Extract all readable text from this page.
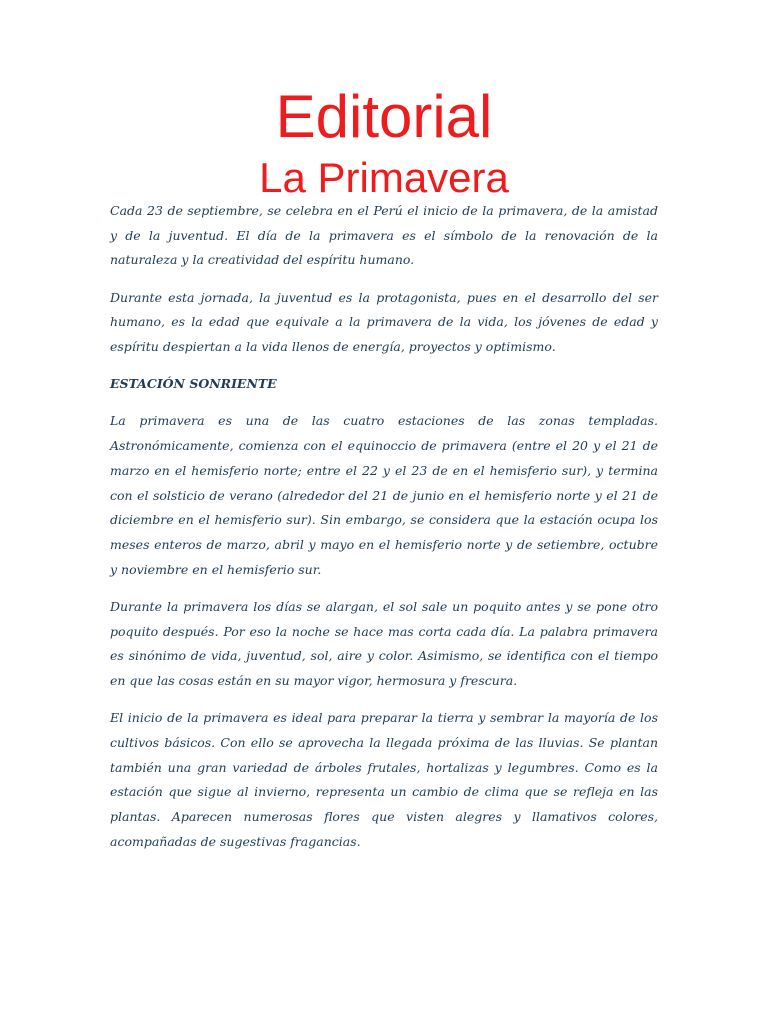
Editorial
La Primavera

Cada 23 de septiembre, se celebra en el Perú el inicio de la primavera, de la amistad y de la juventud. El día de la primavera es el símbolo de la renovación de la naturaleza y la creatividad del espíritu humano.

Durante esta jornada, la juventud es la protagonista, pues en el desarrollo del ser humano, es la edad que equivale a la primavera de la vida, los jóvenes de edad y espíritu despiertan a la vida llenos de energía, proyectos y optimismo.

ESTACIÓN SONRIENTE

La primavera es una de las cuatro estaciones de las zonas templadas. Astronómicamente, comienza con el equinoccio de primavera (entre el 20 y el 21 de marzo en el hemisferio norte; entre el 22 y el 23 de en el hemisferio sur), y termina con el solsticio de verano (alrededor del 21 de junio en el hemisferio norte y el 21 de diciembre en el hemisferio sur). Sin embargo, se considera que la estación ocupa los meses enteros de marzo, abril y mayo en el hemisferio norte y de setiembre, octubre y noviembre en el hemisferio sur.

Durante la primavera los días se alargan, el sol sale un poquito antes y se pone otro poquito después. Por eso la noche se hace mas corta cada día. La palabra primavera es sinónimo de vida, juventud, sol, aire y color. Asimismo, se identifica con el tiempo en que las cosas están en su mayor vigor, hermosura y frescura.

El inicio de la primavera es ideal para preparar la tierra y sembrar la mayoría de los cultivos básicos. Con ello se aprovecha la llegada próxima de las lluvias. Se plantan también una gran variedad de árboles frutales, hortalizas y legumbres. Como es la estación que sigue al invierno, representa un cambio de clima que se refleja en las plantas. Aparecen numerosas flores que visten alegres y llamativos colores, acompañadas de sugestivas fragancias.
